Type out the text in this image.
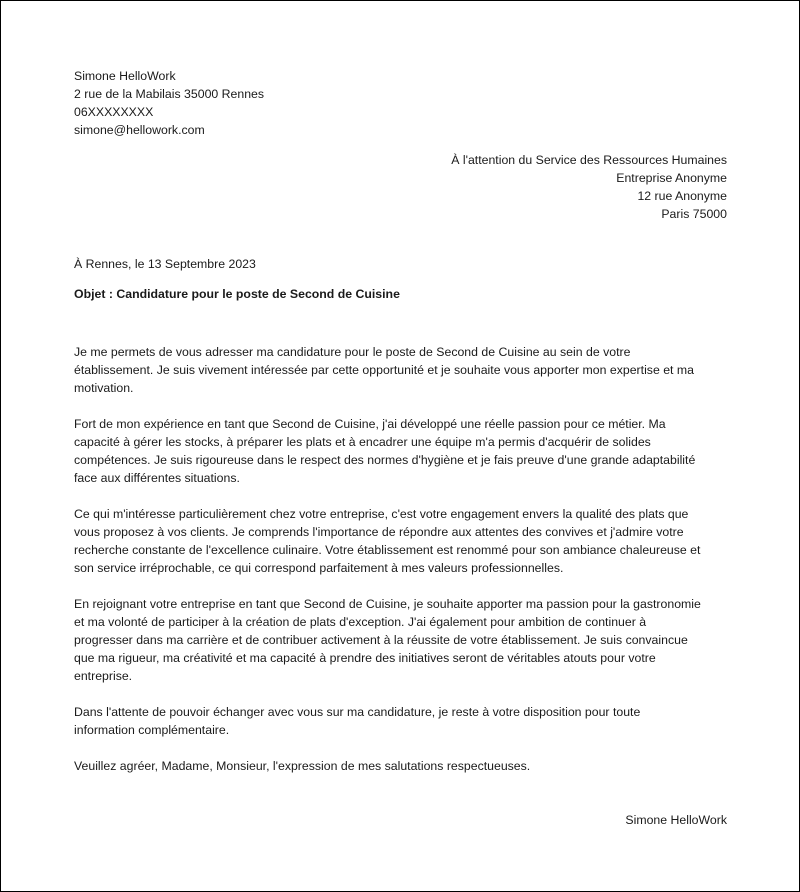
Simone HelloWork
2 rue de la Mabilais 35000 Rennes
06XXXXXXXX
simone@hellowork.com
À l'attention du Service des Ressources Humaines
Entreprise Anonyme
12 rue Anonyme
Paris 75000
À Rennes, le 13 Septembre 2023
Objet : Candidature pour le poste de Second de Cuisine

Je me permets de vous adresser ma candidature pour le poste de Second de Cuisine au sein de votre
établissement. Je suis vivement intéressée par cette opportunité et je souhaite vous apporter mon expertise et ma
motivation.

Fort de mon expérience en tant que Second de Cuisine, j'ai développé une réelle passion pour ce métier. Ma
capacité à gérer les stocks, à préparer les plats et à encadrer une équipe m'a permis d'acquérir de solides
compétences. Je suis rigoureuse dans le respect des normes d'hygiène et je fais preuve d'une grande adaptabilité
face aux différentes situations.

Ce qui m'intéresse particulièrement chez votre entreprise, c'est votre engagement envers la qualité des plats que
vous proposez à vos clients. Je comprends l'importance de répondre aux attentes des convives et j'admire votre
recherche constante de l'excellence culinaire. Votre établissement est renommé pour son ambiance chaleureuse et
son service irréprochable, ce qui correspond parfaitement à mes valeurs professionnelles.

En rejoignant votre entreprise en tant que Second de Cuisine, je souhaite apporter ma passion pour la gastronomie
et ma volonté de participer à la création de plats d'exception. J'ai également pour ambition de continuer à
progresser dans ma carrière et de contribuer activement à la réussite de votre établissement. Je suis convaincue
que ma rigueur, ma créativité et ma capacité à prendre des initiatives seront de véritables atouts pour votre
entreprise.

Dans l'attente de pouvoir échanger avec vous sur ma candidature, je reste à votre disposition pour toute
information complémentaire.

Veuillez agréer, Madame, Monsieur, l'expression de mes salutations respectueuses.
Simone HelloWork
